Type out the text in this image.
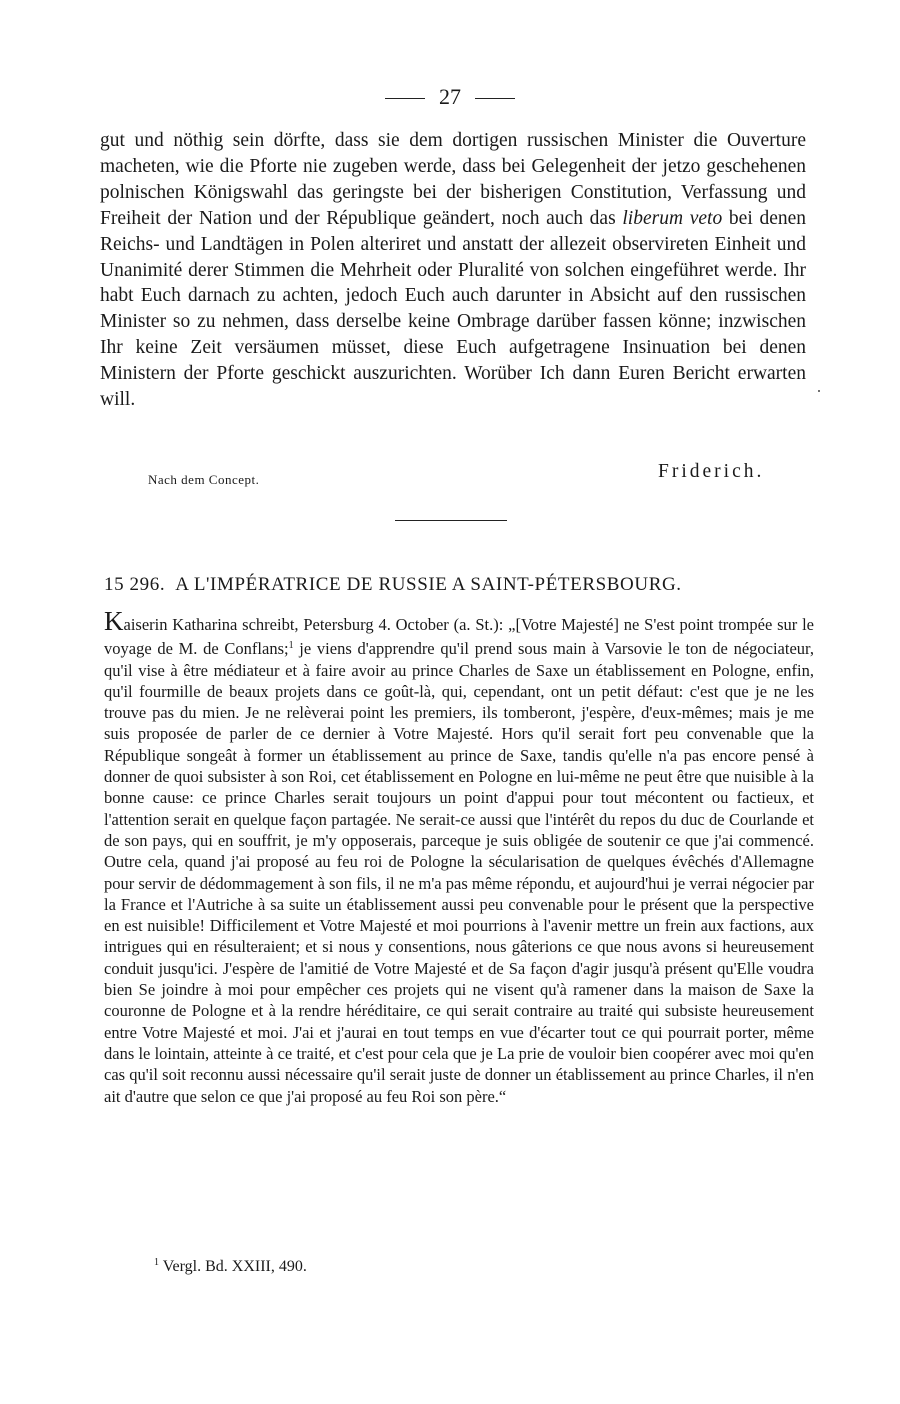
27

gut und nöthig sein dörfte, dass sie dem dortigen russischen Minister die Ouverture macheten, wie die Pforte nie zugeben werde, dass bei Gelegenheit der jetzo geschehenen polnischen Königswahl das geringste bei der bisherigen Constitution, Verfassung und Freiheit der Nation und der République geändert, noch auch das liberum veto bei denen Reichs- und Landtägen in Polen alteriret und anstatt der allezeit observireten Einheit und Unanimité derer Stimmen die Mehrheit oder Pluralité von solchen eingeführet werde. Ihr habt Euch darnach zu achten, jedoch Euch auch darunter in Absicht auf den russischen Minister so zu nehmen, dass derselbe keine Ombrage darüber fassen könne; inzwischen Ihr keine Zeit versäumen müsset, diese Euch aufgetragene Insinuation bei denen Ministern der Pforte geschickt auszurichten. Worüber Ich dann Euren Bericht erwarten will.

Nach dem Concept.	Friderich.
15 296. A L'IMPÉRATRICE DE RUSSIE A SAINT-PÉTERSBOURG.

Kaiserin Katharina schreibt, Petersburg 4. October (a. St.): „[Votre Majesté] ne S'est point trompée sur le voyage de M. de Conflans;$^1$ je viens d'apprendre qu'il prend sous main à Varsovie le ton de négociateur, qu'il vise à être médiateur et à faire avoir au prince Charles de Saxe un établissement en Pologne, enfin, qu'il fourmille de beaux projets dans ce goût-là, qui, cependant, ont un petit défaut: c'est que je ne les trouve pas du mien. Je ne relèverai point les premiers, ils tomberont, j'espère, d'eux-mêmes; mais je me suis proposée de parler de ce dernier à Votre Majesté. Hors qu'il serait fort peu convenable que la République songeât à former un établissement au prince de Saxe, tandis qu'elle n'a pas encore pensé à donner de quoi subsister à son Roi, cet établissement en Pologne en lui-même ne peut être que nuisible à la bonne cause: ce prince Charles serait toujours un point d'appui pour tout mécontent ou factieux, et l'attention serait en quelque façon partagée. Ne serait-ce aussi que l'intérêt du repos du duc de Courlande et de son pays, qui en souffrit, je m'y opposerais, parceque je suis obligée de soutenir ce que j'ai commencé. Outre cela, quand j'ai proposé au feu roi de Pologne la sécularisation de quelques évêchés d'Allemagne pour servir de dédommagement à son fils, il ne m'a pas même répondu, et aujourd'hui je verrai négocier par la France et l'Autriche à sa suite un établissement aussi peu convenable pour le présent que la perspective en est nuisible! Difficilement et Votre Majesté et moi pourrions à l'avenir mettre un frein aux factions, aux intrigues qui en résulteraient; et si nous y consentions, nous gâterions ce que nous avons si heureusement conduit jusqu'ici. J'espère de l'amitié de Votre Majesté et de Sa façon d'agir jusqu'à présent qu'Elle voudra bien Se joindre à moi pour empêcher ces projets qui ne visent qu'à ramener dans la maison de Saxe la couronne de Pologne et à la rendre héréditaire, ce qui serait contraire au traité qui subsiste heureusement entre Votre Majesté et moi. J'ai et j'aurai en tout temps en vue d'écarter tout ce qui pourrait porter, même dans le lointain, atteinte à ce traité, et c'est pour cela que je La prie de vouloir bien coopérer avec moi qu'en cas qu'il soit reconnu aussi nécessaire qu'il serait juste de donner un établissement au prince Charles, il n'en ait d'autre que selon ce que j'ai proposé au feu Roi son père.“

$^1$ Vergl. Bd. XXIII, 490.
